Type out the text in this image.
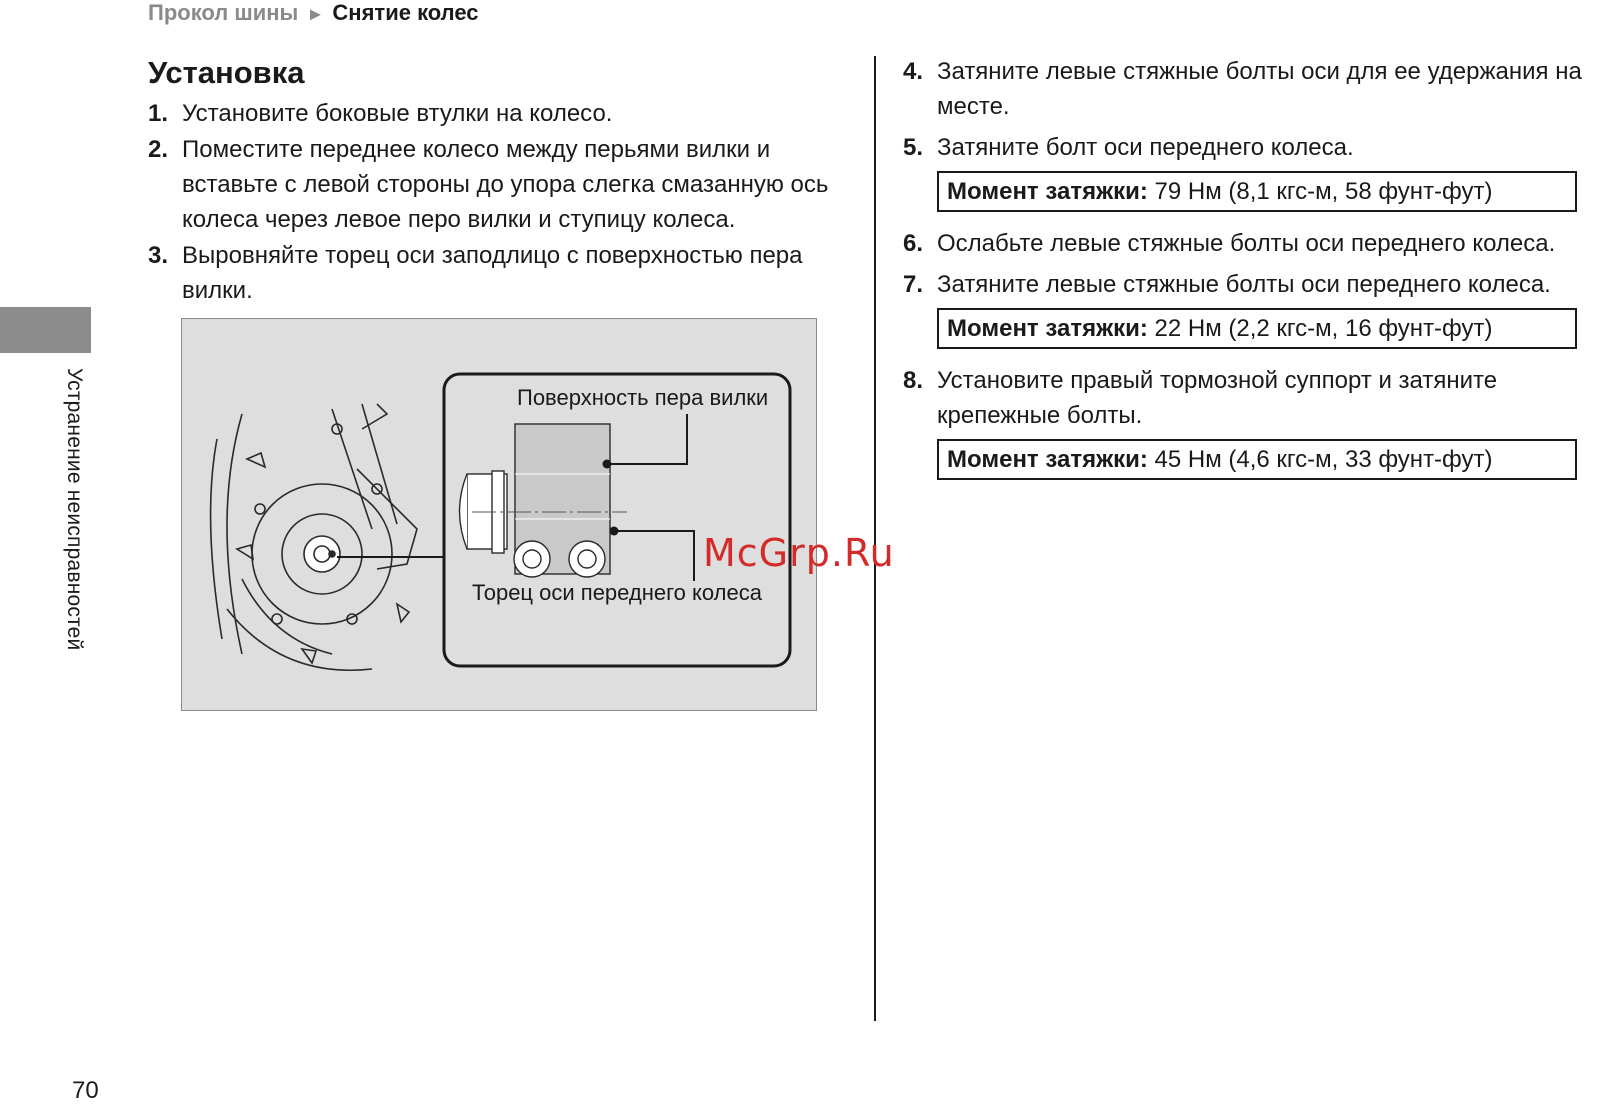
Прокол шины ► Снятие колес
Устранение неисправностей
Установка
1. Установите боковые втулки на колесо.
2. Поместите переднее колесо между перьями вилки и вставьте с левой стороны до упора слегка смазанную ось колеса через левое перо вилки и ступицу колеса.
3. Выровняйте торец оси заподлицо с поверхностью пера вилки.
Поверхность пера вилки
Торец оси переднего колеса
4. Затяните левые стяжные болты оси для ее удержания на месте.
5. Затяните болт оси переднего колеса.
Момент затяжки: 79 Нм (8,1 кгс-м, 58 фунт-фут)
6. Ослабьте левые стяжные болты оси переднего колеса.
7. Затяните левые стяжные болты оси переднего колеса.
Момент затяжки: 22 Нм (2,2 кгс-м, 16 фунт-фут)
8. Установите правый тормозной суппорт и затяните крепежные болты.
Момент затяжки: 45 Нм (4,6 кгс-м, 33 фунт-фут)
McGrp.Ru
70
